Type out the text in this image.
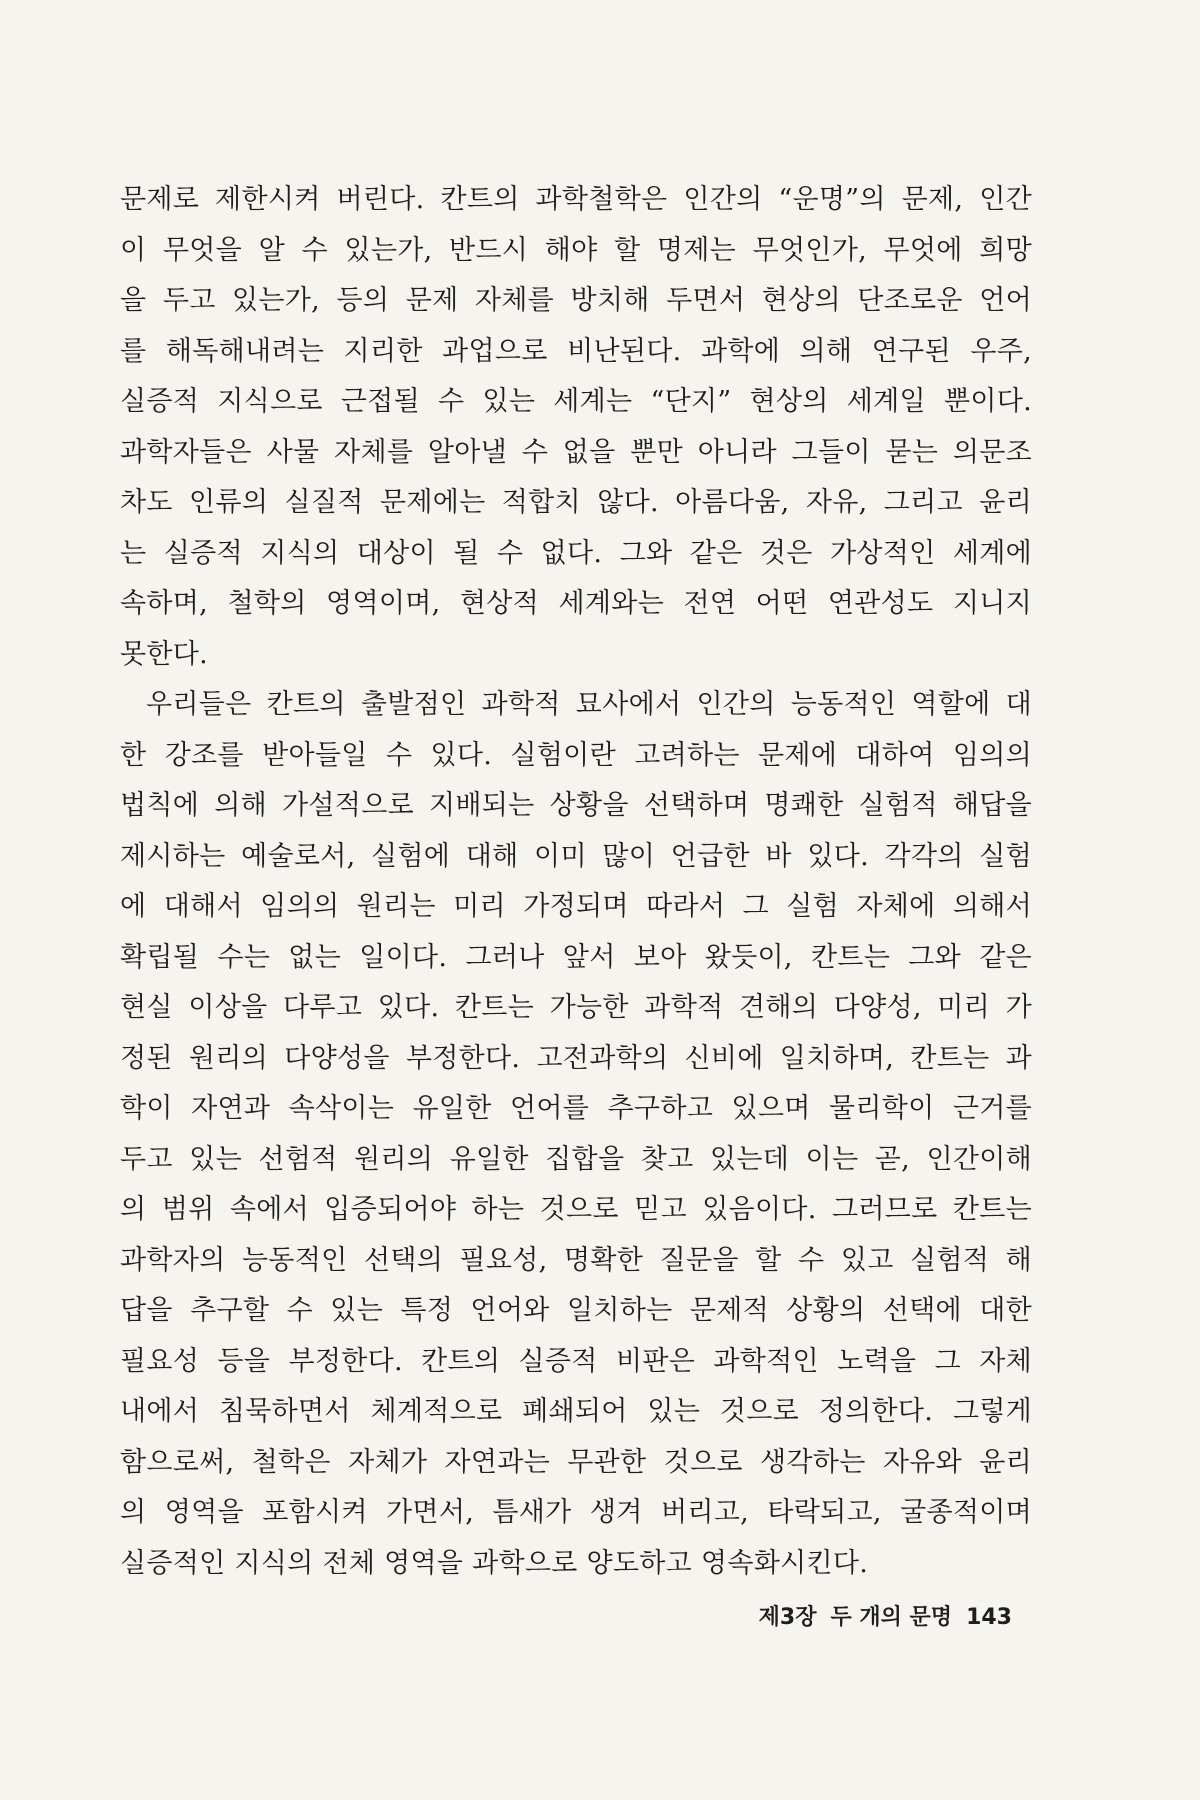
문제로 제한시켜 버린다. 칸트의 과학철학은 인간의 “운명”의 문제, 인간
이 무엇을 알 수 있는가, 반드시 해야 할 명제는 무엇인가, 무엇에 희망
을 두고 있는가, 등의 문제 자체를 방치해 두면서 현상의 단조로운 언어
를 해독해내려는 지리한 과업으로 비난된다. 과학에 의해 연구된 우주,
실증적 지식으로 근접될 수 있는 세계는 “단지” 현상의 세계일 뿐이다.
과학자들은 사물 자체를 알아낼 수 없을 뿐만 아니라 그들이 묻는 의문조
차도 인류의 실질적 문제에는 적합치 않다. 아름다움, 자유, 그리고 윤리
는 실증적 지식의 대상이 될 수 없다. 그와 같은 것은 가상적인 세계에
속하며, 철학의 영역이며, 현상적 세계와는 전연 어떤 연관성도 지니지
못한다.
우리들은 칸트의 출발점인 과학적 묘사에서 인간의 능동적인 역할에 대
한 강조를 받아들일 수 있다. 실험이란 고려하는 문제에 대하여 임의의
법칙에 의해 가설적으로 지배되는 상황을 선택하며 명쾌한 실험적 해답을
제시하는 예술로서, 실험에 대해 이미 많이 언급한 바 있다. 각각의 실험
에 대해서 임의의 원리는 미리 가정되며 따라서 그 실험 자체에 의해서
확립될 수는 없는 일이다. 그러나 앞서 보아 왔듯이, 칸트는 그와 같은
현실 이상을 다루고 있다. 칸트는 가능한 과학적 견해의 다양성, 미리 가
정된 원리의 다양성을 부정한다. 고전과학의 신비에 일치하며, 칸트는 과
학이 자연과 속삭이는 유일한 언어를 추구하고 있으며 물리학이 근거를
두고 있는 선험적 원리의 유일한 집합을 찾고 있는데 이는 곧, 인간이해
의 범위 속에서 입증되어야 하는 것으로 믿고 있음이다. 그러므로 칸트는
과학자의 능동적인 선택의 필요성, 명확한 질문을 할 수 있고 실험적 해
답을 추구할 수 있는 특정 언어와 일치하는 문제적 상황의 선택에 대한
필요성 등을 부정한다. 칸트의 실증적 비판은 과학적인 노력을 그 자체
내에서 침묵하면서 체계적으로 폐쇄되어 있는 것으로 정의한다. 그렇게
함으로써, 철학은 자체가 자연과는 무관한 것으로 생각하는 자유와 윤리
의 영역을 포함시켜 가면서, 틈새가 생겨 버리고, 타락되고, 굴종적이며
실증적인 지식의 전체 영역을 과학으로 양도하고 영속화시킨다.
제3장 두 개의 문명 143
